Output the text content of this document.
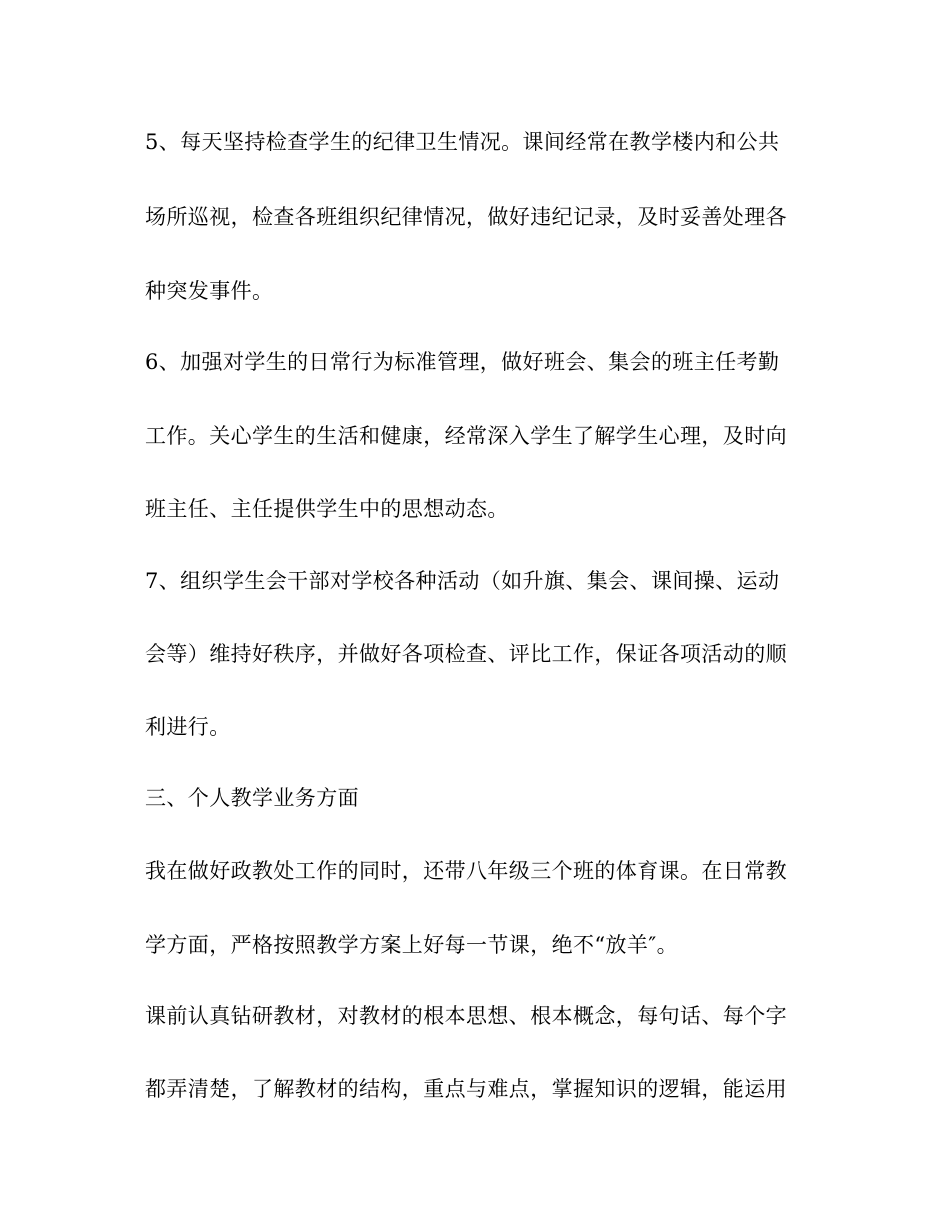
5、每天坚持检查学生的纪律卫生情况。课间经常在教学楼内和公共
场所巡视，检查各班组织纪律情况，做好违纪记录，及时妥善处理各
种突发事件。
6、加强对学生的日常行为标准管理，做好班会、集会的班主任考勤
工作。关心学生的生活和健康，经常深入学生了解学生心理，及时向
班主任、主任提供学生中的思想动态。
7、组织学生会干部对学校各种活动（如升旗、集会、课间操、运动
会等）维持好秩序，并做好各项检查、评比工作，保证各项活动的顺
利进行。
三、个人教学业务方面
我在做好政教处工作的同时，还带八年级三个班的体育课。在日常教
学方面，严格按照教学方案上好每一节课，绝不“放羊″。
课前认真钻研教材，对教材的根本思想、根本概念，每句话、每个字
都弄清楚，了解教材的结构，重点与难点，掌握知识的逻辑，能运用
